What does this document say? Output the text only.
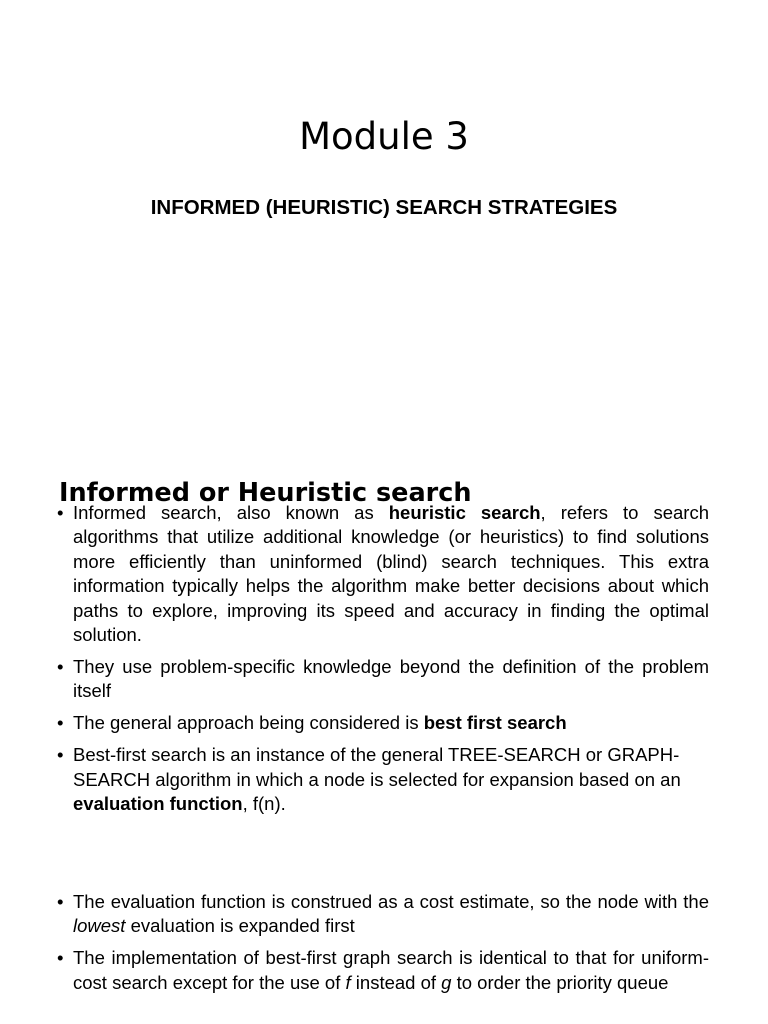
Module 3
INFORMED (HEURISTIC) SEARCH STRATEGIES
Informed or Heuristic search
• Informed search, also known as heuristic search, refers to search algorithms that utilize additional knowledge (or heuristics) to find solutions more efficiently than uninformed (blind) search techniques. This extra information typically helps the algorithm make better decisions about which paths to explore, improving its speed and accuracy in finding the optimal solution.
• They use problem-specific knowledge beyond the definition of the problem itself
• The general approach being considered is best first search
• Best-first search is an instance of the general TREE-SEARCH or GRAPH-SEARCH algorithm in which a node is selected for expansion based on an evaluation function, f(n).
• The evaluation function is construed as a cost estimate, so the node with the lowest evaluation is expanded first
• The implementation of best-first graph search is identical to that for uniform-cost search except for the use of f instead of g to order the priority queue
